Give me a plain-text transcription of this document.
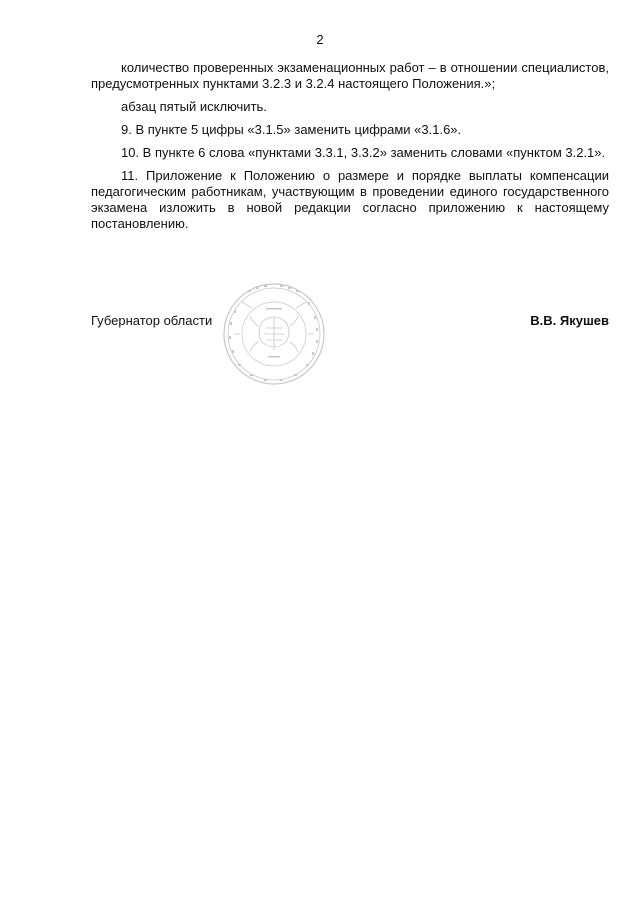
2

количество проверенных экзаменационных работ – в отношении специалистов, предусмотренных пунктами 3.2.3 и 3.2.4 настоящего Положения.»;

абзац пятый исключить.

9. В пункте 5 цифры «3.1.5» заменить цифрами «3.1.6».

10. В пункте 6 слова «пунктами 3.3.1, 3.3.2» заменить словами «пунктом 3.2.1».

11. Приложение к Положению о размере и порядке выплаты компенсации педагогическим работникам, участвующим в проведении единого государственного экзамена изложить в новой редакции согласно приложению к настоящему постановлению.

Губернатор области	В.В. Якушев
